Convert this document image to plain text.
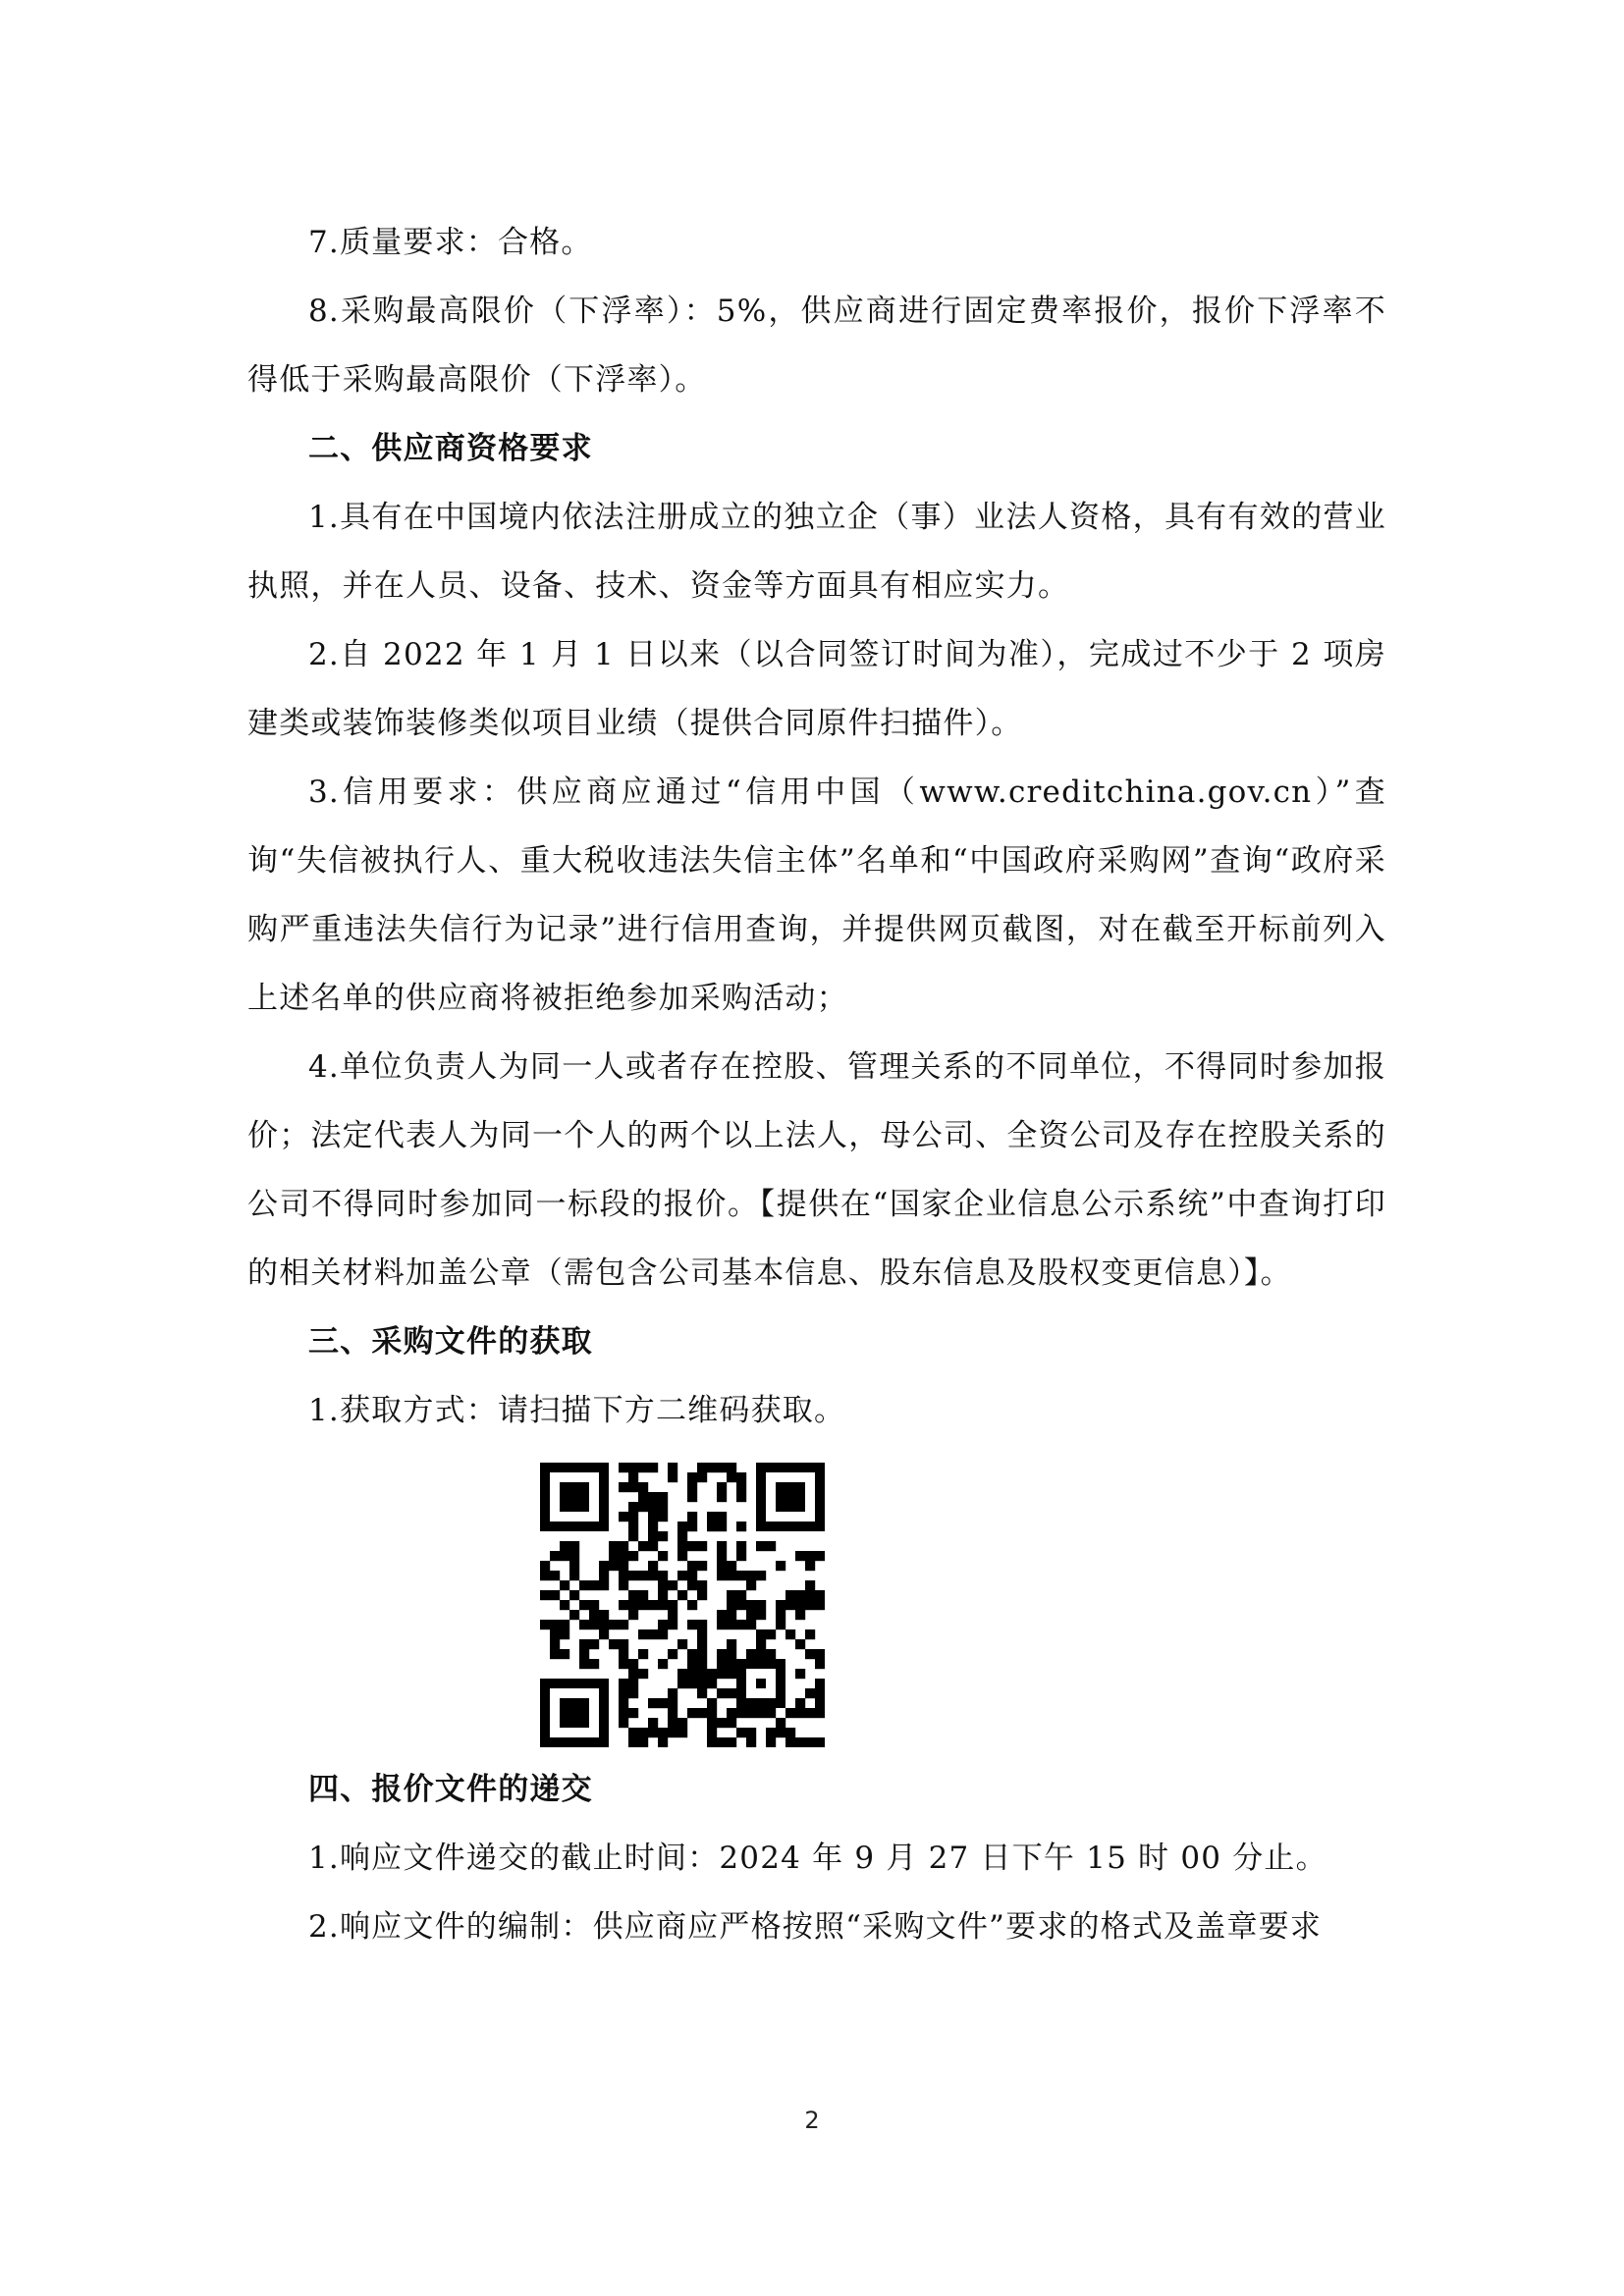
7.质量要求：合格。

8.采购最高限价（下浮率）：5%，供应商进行固定费率报价，报价下浮率不得低于采购最高限价（下浮率）。

二、供应商资格要求

1.具有在中国境内依法注册成立的独立企（事）业法人资格，具有有效的营业执照，并在人员、设备、技术、资金等方面具有相应实力。

2.自 2022 年 1 月 1 日以来（以合同签订时间为准），完成过不少于 2 项房建类或装饰装修类似项目业绩（提供合同原件扫描件）。

3.信用要求：供应商应通过“信用中国（www.creditchina.gov.cn）”查询“失信被执行人、重大税收违法失信主体”名单和“中国政府采购网”查询“政府采购严重违法失信行为记录”进行信用查询，并提供网页截图，对在截至开标前列入上述名单的供应商将被拒绝参加采购活动；

4.单位负责人为同一人或者存在控股、管理关系的不同单位，不得同时参加报价；法定代表人为同一个人的两个以上法人，母公司、全资公司及存在控股关系的公司不得同时参加同一标段的报价。【提供在“国家企业信息公示系统”中查询打印的相关材料加盖公章（需包含公司基本信息、股东信息及股权变更信息）】。

三、采购文件的获取

1.获取方式：请扫描下方二维码获取。

四、报价文件的递交

1.响应文件递交的截止时间：2024 年 9 月 27 日下午 15 时 00 分止。

2.响应文件的编制：供应商应严格按照“采购文件”要求的格式及盖章要求

2
